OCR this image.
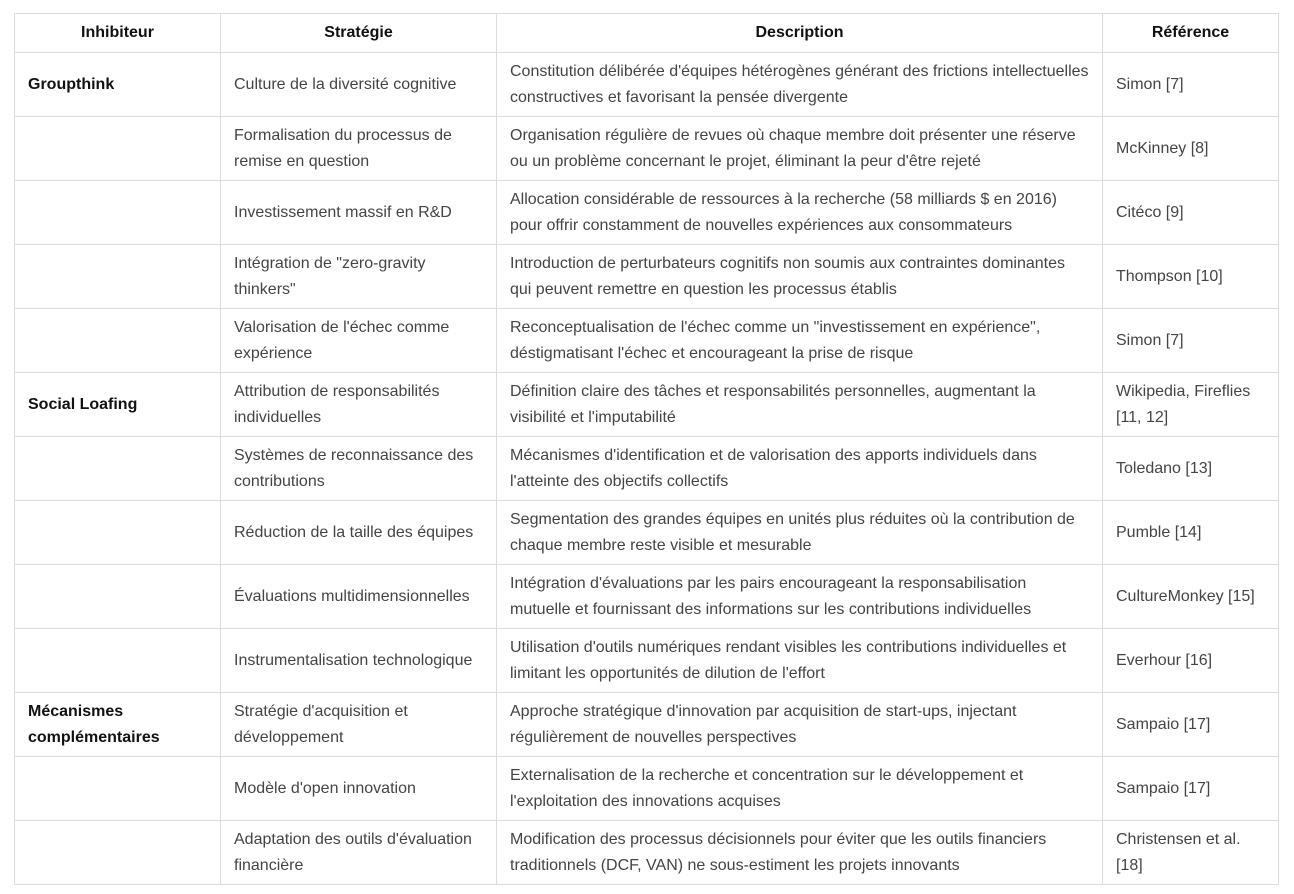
Inhibiteur	Stratégie	Description	Référence
Groupthink	Culture de la diversité cognitive	Constitution délibérée d'équipes hétérogènes générant des frictions intellectuelles constructives et favorisant la pensée divergente	Simon [7]
	Formalisation du processus de remise en question	Organisation régulière de revues où chaque membre doit présenter une réserve ou un problème concernant le projet, éliminant la peur d'être rejeté	McKinney [8]
	Investissement massif en R&D	Allocation considérable de ressources à la recherche (58 milliards $ en 2016) pour offrir constamment de nouvelles expériences aux consommateurs	Citéco [9]
	Intégration de "zero-gravity thinkers"	Introduction de perturbateurs cognitifs non soumis aux contraintes dominantes qui peuvent remettre en question les processus établis	Thompson [10]
	Valorisation de l'échec comme expérience	Reconceptualisation de l'échec comme un "investissement en expérience", déstigmatisant l'échec et encourageant la prise de risque	Simon [7]
Social Loafing	Attribution de responsabilités individuelles	Définition claire des tâches et responsabilités personnelles, augmentant la visibilité et l'imputabilité	Wikipedia, Fireflies [11, 12]
	Systèmes de reconnaissance des contributions	Mécanismes d'identification et de valorisation des apports individuels dans l'atteinte des objectifs collectifs	Toledano [13]
	Réduction de la taille des équipes	Segmentation des grandes équipes en unités plus réduites où la contribution de chaque membre reste visible et mesurable	Pumble [14]
	Évaluations multidimensionnelles	Intégration d'évaluations par les pairs encourageant la responsabilisation mutuelle et fournissant des informations sur les contributions individuelles	CultureMonkey [15]
	Instrumentalisation technologique	Utilisation d'outils numériques rendant visibles les contributions individuelles et limitant les opportunités de dilution de l'effort	Everhour [16]
Mécanismes complémentaires	Stratégie d'acquisition et développement	Approche stratégique d'innovation par acquisition de start-ups, injectant régulièrement de nouvelles perspectives	Sampaio [17]
	Modèle d'open innovation	Externalisation de la recherche et concentration sur le développement et l'exploitation des innovations acquises	Sampaio [17]
	Adaptation des outils d'évaluation financière	Modification des processus décisionnels pour éviter que les outils financiers traditionnels (DCF, VAN) ne sous-estiment les projets innovants	Christensen et al. [18]
